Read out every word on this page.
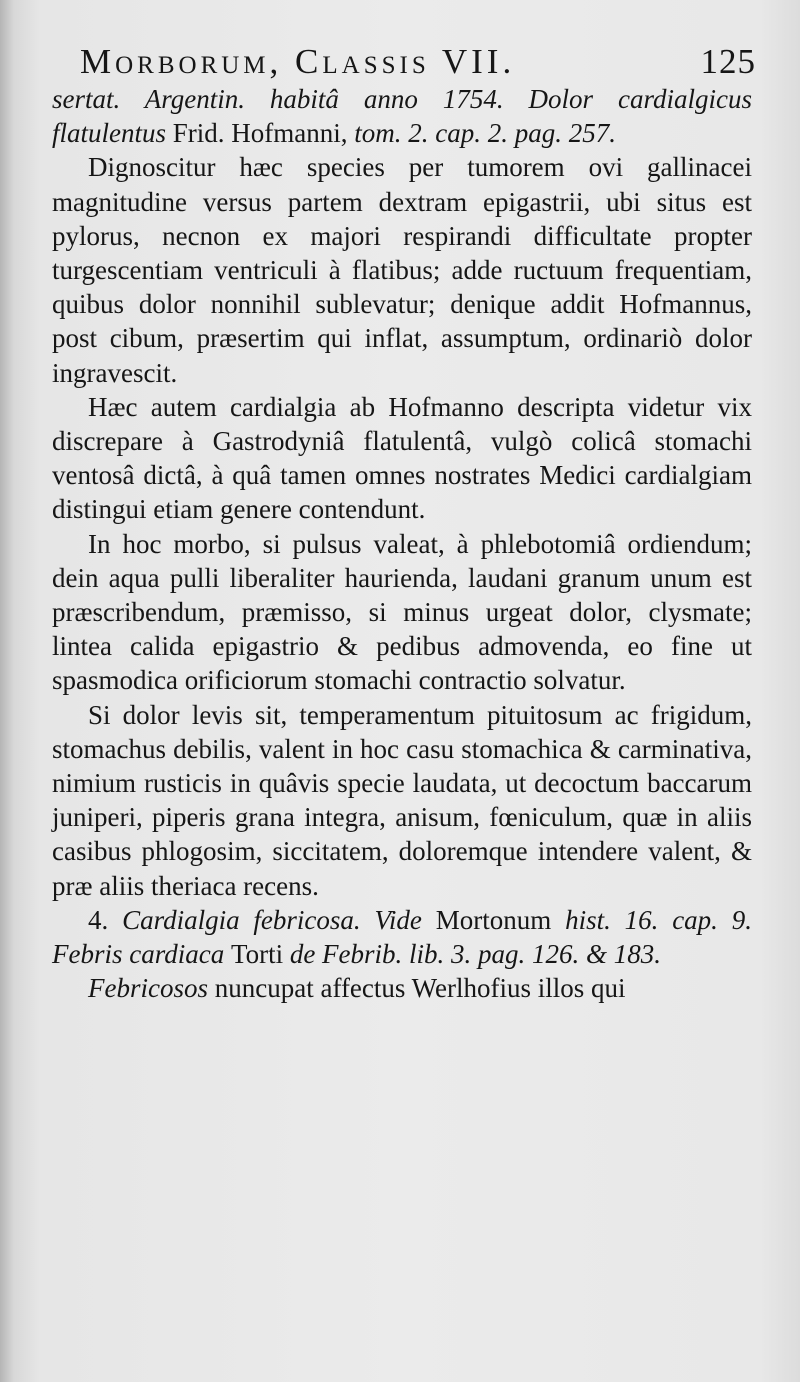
Morborum, Classis VII.	125

sertat. Argentin. habitâ anno 1754. Dolor cardialgicus flatulentus Frid. Hofmanni, tom. 2. cap. 2. pag. 257.

Dignoscitur hæc species per tumorem ovi gallinacei magnitudine versus partem dextram epigastrii, ubi situs est pylorus, necnon ex majori respirandi difficultate propter turgescentiam ventriculi à flatibus; adde ructuum frequentiam, quibus dolor nonnihil sublevatur; denique addit Hofmannus, post cibum, præsertim qui inflat, assumptum, ordinariò dolor ingravescit.

Hæc autem cardialgia ab Hofmanno descripta videtur vix discrepare à Gastrodyniâ flatulentâ, vulgò colicâ stomachi ventosâ dictâ, à quâ tamen omnes nostrates Medici cardialgiam distingui etiam genere contendunt.

In hoc morbo, si pulsus valeat, à phlebotomiâ ordiendum; dein aqua pulli liberaliter haurienda, laudani granum unum est præscribendum, præmisso, si minus urgeat dolor, clysmate; lintea calida epigastrio & pedibus admovenda, eo fine ut spasmodica orificiorum stomachi contractio solvatur.

Si dolor levis sit, temperamentum pituitosum ac frigidum, stomachus debilis, valent in hoc casu stomachica & carminativa, nimium rusticis in quâvis specie laudata, ut decoctum baccarum juniperi, piperis grana integra, anisum, fœniculum, quæ in aliis casibus phlogosim, siccitatem, doloremque intendere valent, & præ aliis theriaca recens.

4. Cardialgia febricosa. Vide Mortonum hist. 16. cap. 9. Febris cardiaca Torti de Febrib. lib. 3. pag. 126. & 183.

Febricosos nuncupat affectus Werlhofius illos qui
